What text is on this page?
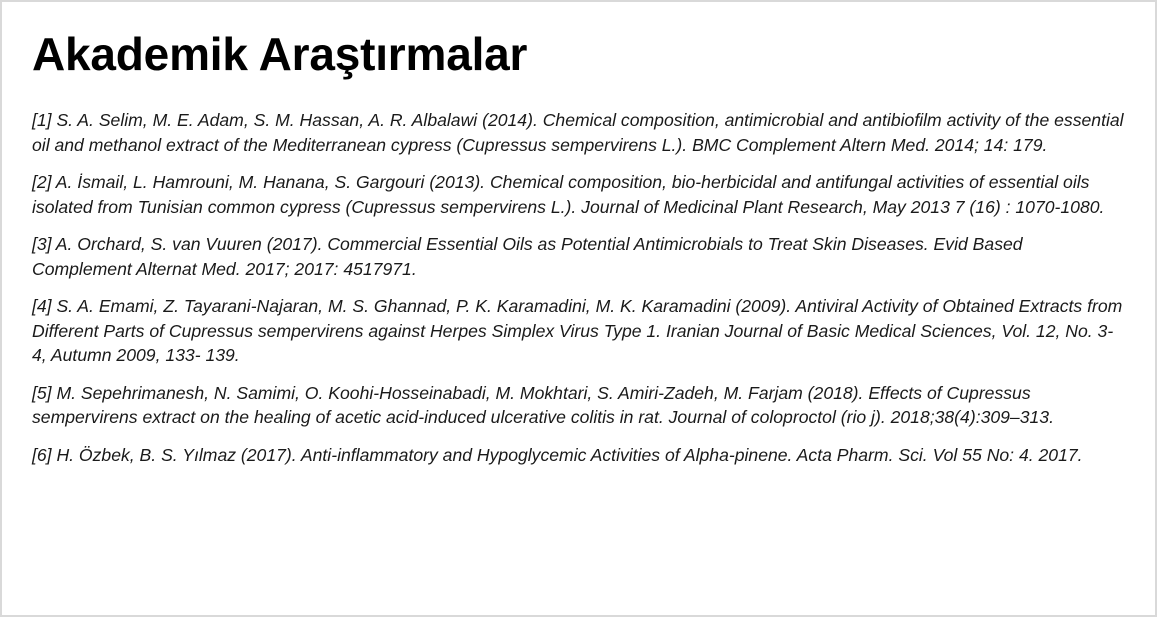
Akademik Araştırmalar

[1] S. A. Selim, M. E. Adam, S. M. Hassan, A. R. Albalawi (2014). Chemical composition, antimicrobial and antibiofilm activity of the essential oil and methanol extract of the Mediterranean cypress (Cupressus sempervirens L.). BMC Complement Altern Med. 2014; 14: 179.

[2] A. İsmail, L. Hamrouni, M. Hanana, S. Gargouri (2013). Chemical composition, bio-herbicidal and antifungal activities of essential oils isolated from Tunisian common cypress (Cupressus sempervirens L.). Journal of Medicinal Plant Research, May 2013 7 (16) : 1070-1080.

[3] A. Orchard, S. van Vuuren (2017). Commercial Essential Oils as Potential Antimicrobials to Treat Skin Diseases. Evid Based Complement Alternat Med. 2017; 2017: 4517971.

[4] S. A. Emami, Z. Tayarani-Najaran, M. S. Ghannad, P. K. Karamadini, M. K. Karamadini (2009). Antiviral Activity of Obtained Extracts from Different Parts of Cupressus sempervirens against Herpes Simplex Virus Type 1. Iranian Journal of Basic Medical Sciences, Vol. 12, No. 3-4, Autumn 2009, 133- 139.

[5] M. Sepehrimanesh, N. Samimi, O. Koohi-Hosseinabadi, M. Mokhtari, S. Amiri-Zadeh, M. Farjam (2018). Effects of Cupressus sempervirens extract on the healing of acetic acid-induced ulcerative colitis in rat. Journal of coloproctol (rio j). 2018;38(4):309–313.

[6] H. Özbek, B. S. Yılmaz (2017). Anti-inflammatory and Hypoglycemic Activities of Alpha-pinene. Acta Pharm. Sci. Vol 55 No: 4. 2017.
